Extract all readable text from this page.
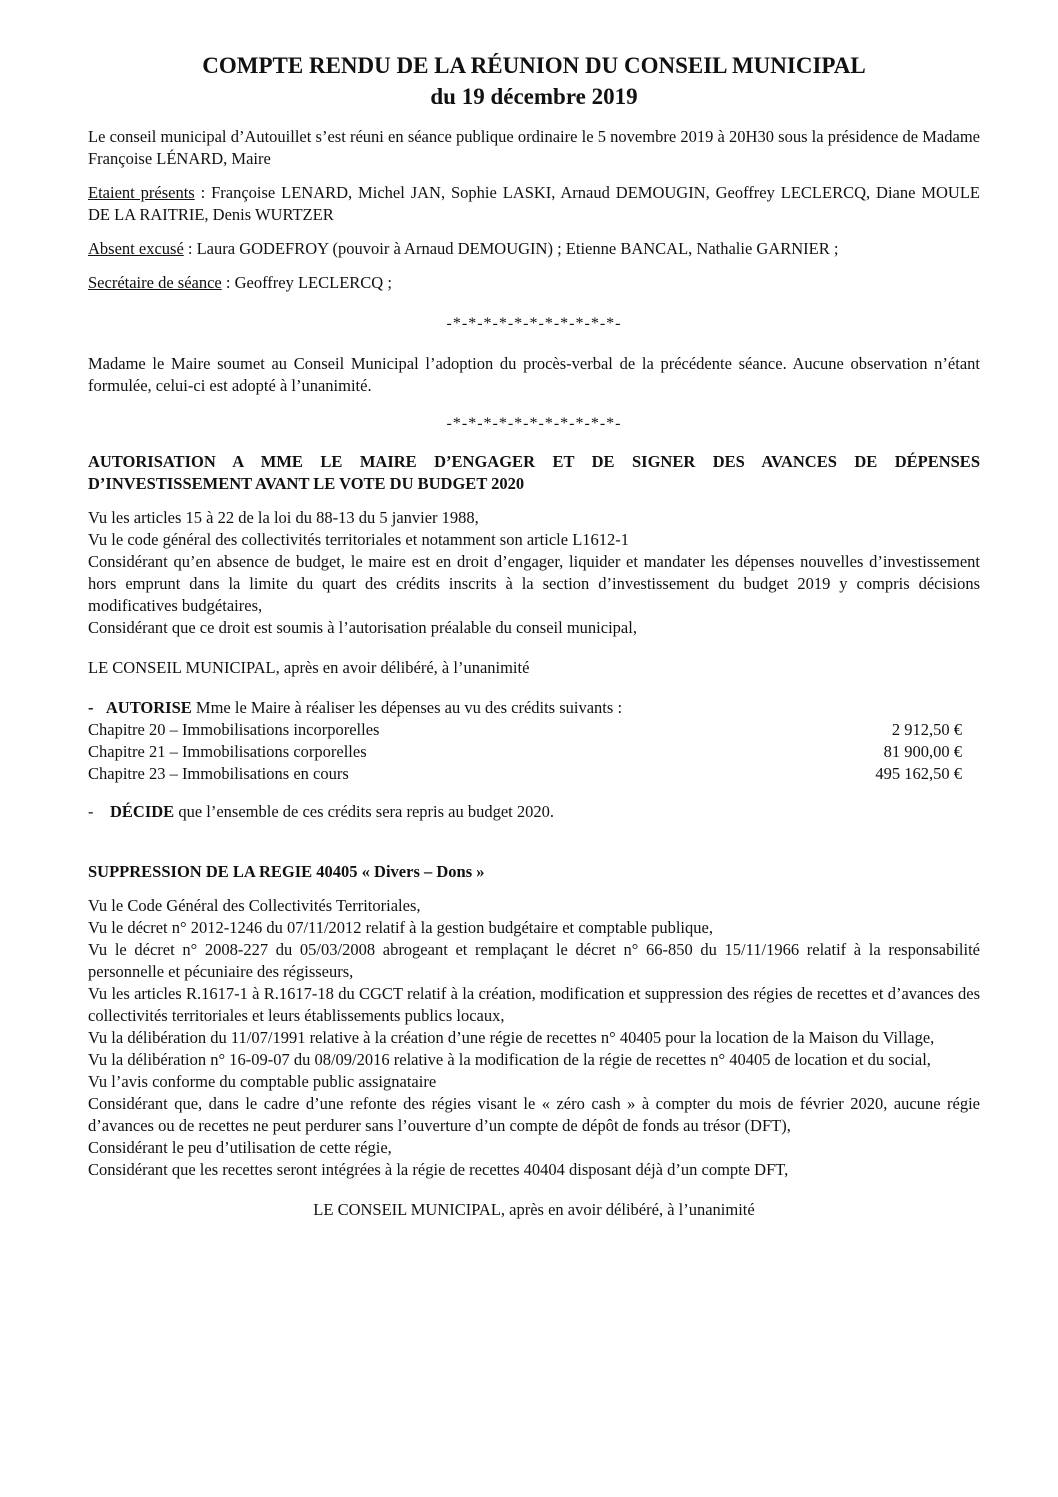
COMPTE RENDU DE LA RÉUNION DU CONSEIL MUNICIPAL
du 19 décembre 2019

Le conseil municipal d’Autouillet s’est réuni en séance publique ordinaire le 5 novembre 2019 à 20H30 sous la présidence de Madame Françoise LÉNARD, Maire

Etaient présents : Françoise LENARD, Michel JAN, Sophie LASKI, Arnaud DEMOUGIN, Geoffrey LECLERCQ, Diane MOULE DE LA RAITRIE, Denis WURTZER

Absent excusé : Laura GODEFROY (pouvoir à Arnaud DEMOUGIN) ; Etienne BANCAL, Nathalie GARNIER ;

Secrétaire de séance : Geoffrey LECLERCQ ;

-*-*-*-*-*-*-*-*-*-*-*-

Madame le Maire soumet au Conseil Municipal l’adoption du procès-verbal de la précédente séance. Aucune observation n’étant formulée, celui-ci est adopté à l’unanimité.

-*-*-*-*-*-*-*-*-*-*-*-
AUTORISATION A MME LE MAIRE D’ENGAGER ET DE SIGNER DES AVANCES DE DÉPENSES D’INVESTISSEMENT AVANT LE VOTE DU BUDGET 2020

Vu les articles 15 à 22 de la loi du 88-13 du 5 janvier 1988,

Vu le code général des collectivités territoriales et notamment son article L1612-1

Considérant qu’en absence de budget, le maire est en droit d’engager, liquider et mandater les dépenses nouvelles d’investissement hors emprunt dans la limite du quart des crédits inscrits à la section d’investissement du budget 2019 y compris décisions modificatives budgétaires,

Considérant que ce droit est soumis à l’autorisation préalable du conseil municipal,

LE CONSEIL MUNICIPAL, après en avoir délibéré, à l’unanimité

- AUTORISE Mme le Maire à réaliser les dépenses au vu des crédits suivants :
Chapitre 20 – Immobilisations incorporelles	2 912,50 €
Chapitre 21 – Immobilisations corporelles	81 900,00 €
Chapitre 23 – Immobilisations en cours	495 162,50 €
- DÉCIDE que l’ensemble de ces crédits sera repris au budget 2020.
SUPPRESSION DE LA REGIE 40405 « Divers – Dons »

Vu le Code Général des Collectivités Territoriales,

Vu le décret n° 2012-1246 du 07/11/2012 relatif à la gestion budgétaire et comptable publique,

Vu le décret n° 2008-227 du 05/03/2008 abrogeant et remplaçant le décret n° 66-850 du 15/11/1966 relatif à la responsabilité personnelle et pécuniaire des régisseurs,

Vu les articles R.1617-1 à R.1617-18 du CGCT relatif à la création, modification et suppression des régies de recettes et d’avances des collectivités territoriales et leurs établissements publics locaux,

Vu la délibération du 11/07/1991 relative à la création d’une régie de recettes n° 40405 pour la location de la Maison du Village,

Vu la délibération n° 16-09-07 du 08/09/2016 relative à la modification de la régie de recettes n° 40405 de location et du social,

Vu l’avis conforme du comptable public assignataire

Considérant que, dans le cadre d’une refonte des régies visant le « zéro cash » à compter du mois de février 2020, aucune régie d’avances ou de recettes ne peut perdurer sans l’ouverture d’un compte de dépôt de fonds au trésor (DFT),

Considérant le peu d’utilisation de cette régie,

Considérant que les recettes seront intégrées à la régie de recettes 40404 disposant déjà d’un compte DFT,

LE CONSEIL MUNICIPAL, après en avoir délibéré, à l’unanimité
